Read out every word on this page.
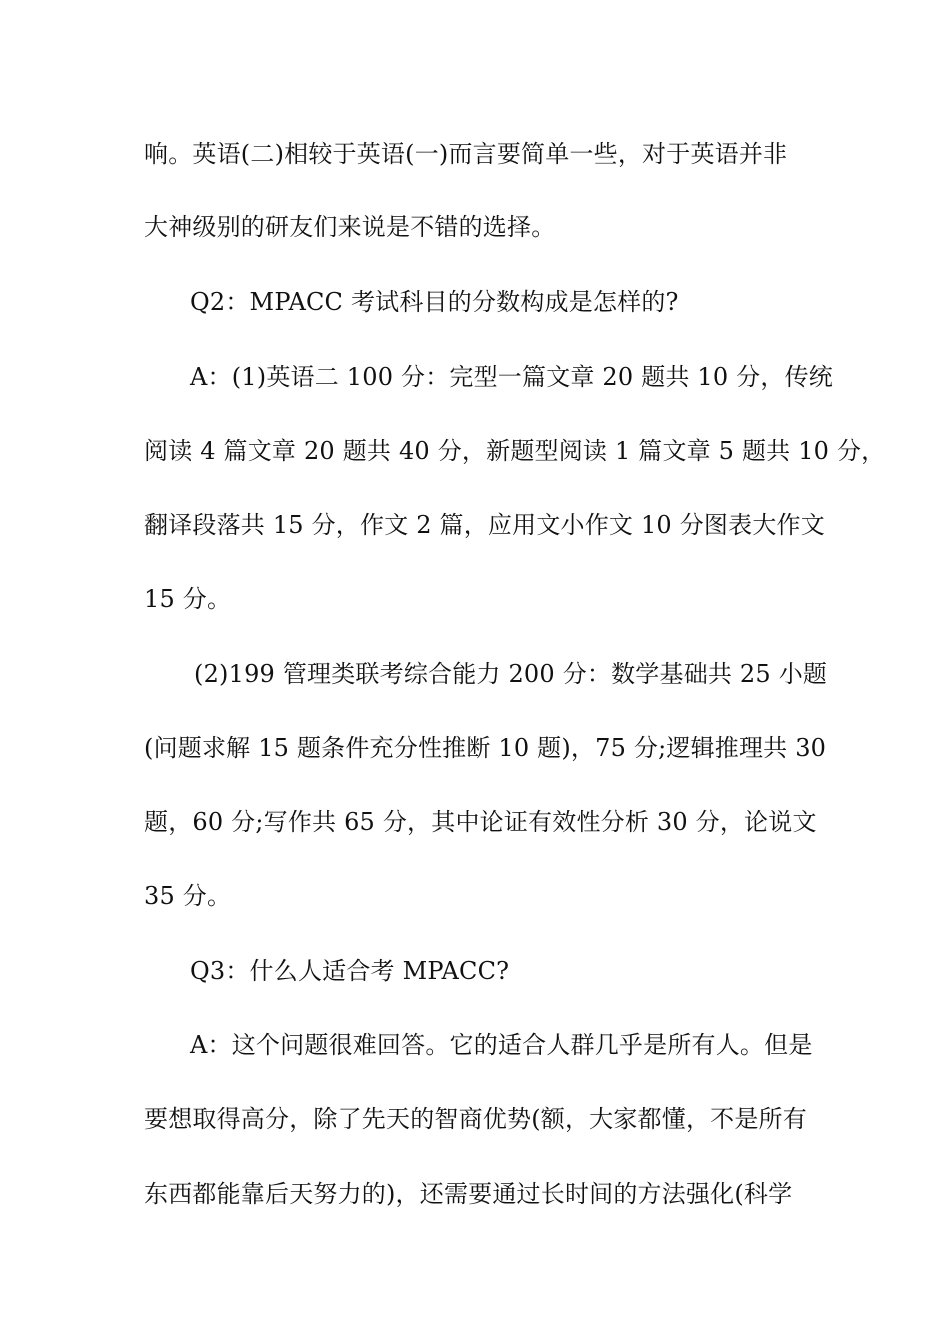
响。英语(二)相较于英语(一)而言要简单一些，对于英语并非
大神级别的研友们来说是不错的选择。
Q2：MPACC 考试科目的分数构成是怎样的?
A：(1)英语二 100 分：完型一篇文章 20 题共 10 分，传统
阅读 4 篇文章 20 题共 40 分，新题型阅读 1 篇文章 5 题共 10 分，
翻译段落共 15 分，作文 2 篇，应用文小作文 10 分图表大作文
15 分。
(2)199 管理类联考综合能力 200 分：数学基础共 25 小题
(问题求解 15 题条件充分性推断 10 题)，75 分;逻辑推理共 30
题，60 分;写作共 65 分，其中论证有效性分析 30 分，论说文
35 分。
Q3：什么人适合考 MPACC?
A：这个问题很难回答。它的适合人群几乎是所有人。但是
要想取得高分，除了先天的智商优势(额，大家都懂，不是所有
东西都能靠后天努力的)，还需要通过长时间的方法强化(科学
